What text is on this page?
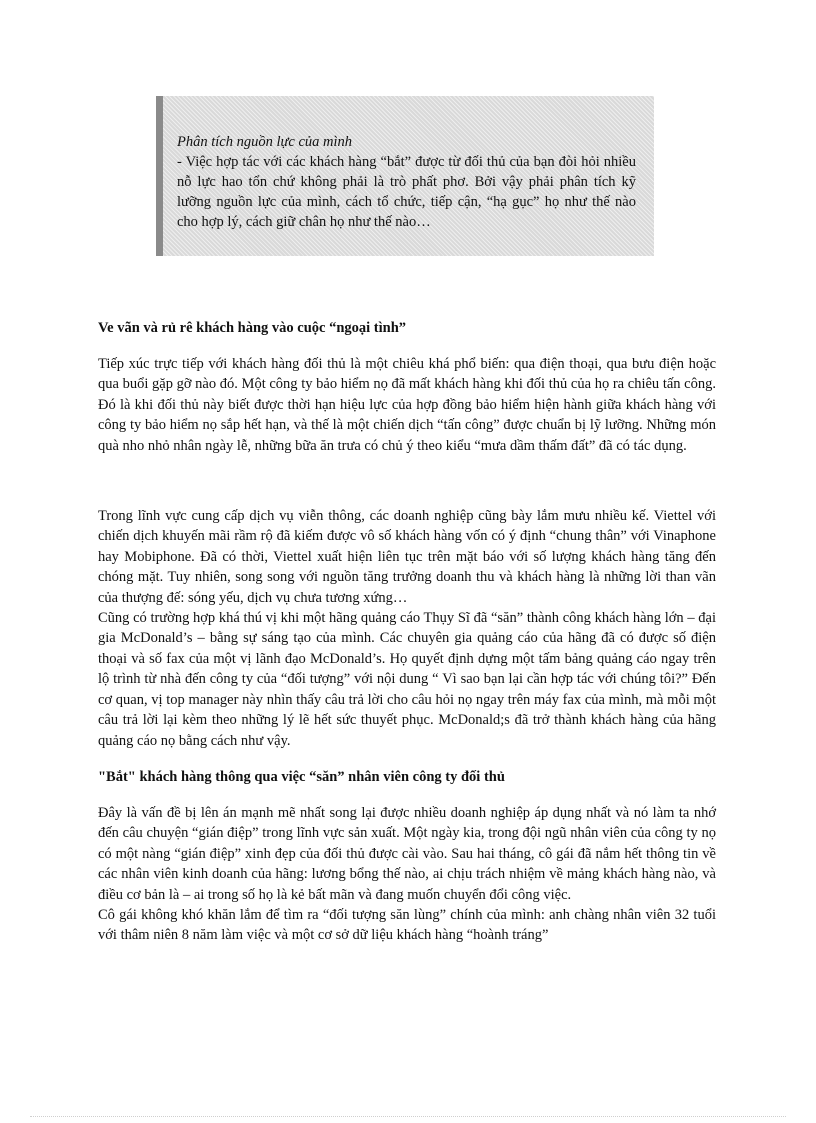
Phân tích nguồn lực của mình

- Việc hợp tác với các khách hàng “bắt” được từ đối thủ của bạn đòi hỏi nhiều nỗ lực hao tổn chứ không phải là trò phất phơ. Bởi vậy phải phân tích kỹ lưỡng nguồn lực của mình, cách tổ chức, tiếp cận, “hạ gục” họ như thế nào cho hợp lý, cách giữ chân họ như thế nào…

Ve vãn và rủ rê khách hàng vào cuộc “ngoại tình”

Tiếp xúc trực tiếp với khách hàng đối thủ là một chiêu khá phổ biến: qua điện thoại, qua bưu điện hoặc qua buổi gặp gỡ nào đó. Một công ty bảo hiểm nọ đã mất khách hàng khi đối thủ của họ ra chiêu tấn công. Đó là khi đối thủ này biết được thời hạn hiệu lực của hợp đồng bảo hiểm hiện hành giữa khách hàng với công ty bảo hiểm nọ sắp hết hạn, và thế là một chiến dịch “tấn công” được chuẩn bị lỹ lưỡng. Những món quà nho nhỏ nhân ngày lễ, những bữa ăn trưa có chủ ý theo kiểu “mưa dầm thấm đất” đã có tác dụng.

Trong lĩnh vực cung cấp dịch vụ viễn thông, các doanh nghiệp cũng bày lắm mưu nhiều kế. Viettel với chiến dịch khuyến mãi rầm rộ đã kiếm được vô số khách hàng vốn có ý định “chung thân” với Vinaphone hay Mobiphone. Đã có thời, Viettel xuất hiện liên tục trên mặt báo với số lượng khách hàng tăng đến chóng mặt. Tuy nhiên, song song với nguồn tăng trưởng doanh thu và khách hàng là những lời than vãn của thượng đế: sóng yếu, dịch vụ chưa tương xứng…

Cũng có trường hợp khá thú vị khi một hãng quảng cáo Thụy Sĩ đã “săn” thành công khách hàng lớn – đại gia McDonald’s – bằng sự sáng tạo của mình. Các chuyên gia quảng cáo của hãng đã có được số điện thoại và số fax của một vị lãnh đạo McDonald’s. Họ quyết định dựng một tấm bảng quảng cáo ngay trên lộ trình từ nhà đến công ty của “đối tượng” với nội dung “ Vì sao bạn lại cần hợp tác với chúng tôi?” Đến cơ quan, vị top manager này nhìn thấy câu trả lời cho câu hỏi nọ ngay trên máy fax của mình, mà mỗi một câu trả lời lại kèm theo những lý lẽ hết sức thuyết phục. McDonald;s đã trở thành khách hàng của hãng quảng cáo nọ bằng cách như vậy.

"Bắt" khách hàng thông qua việc “săn” nhân viên công ty đối thủ

Đây là vấn đề bị lên án mạnh mẽ nhất song lại được nhiều doanh nghiệp áp dụng nhất và nó làm ta nhớ đến câu chuyện “gián điệp” trong lĩnh vực sản xuất. Một ngày kia, trong đội ngũ nhân viên của công ty nọ có một nàng “gián điệp” xinh đẹp của đối thủ được cài vào. Sau hai tháng, cô gái đã nắm hết thông tin về các nhân viên kinh doanh của hãng: lương bổng thế nào, ai chịu trách nhiệm về mảng khách hàng nào, và điều cơ bản là – ai trong số họ là kẻ bất mãn và đang muốn chuyển đổi công việc.

Cô gái không khó khăn lắm để tìm ra “đối tượng săn lùng” chính của mình: anh chàng nhân viên 32 tuổi với thâm niên 8 năm làm việc và một cơ sở dữ liệu khách hàng “hoành tráng”
